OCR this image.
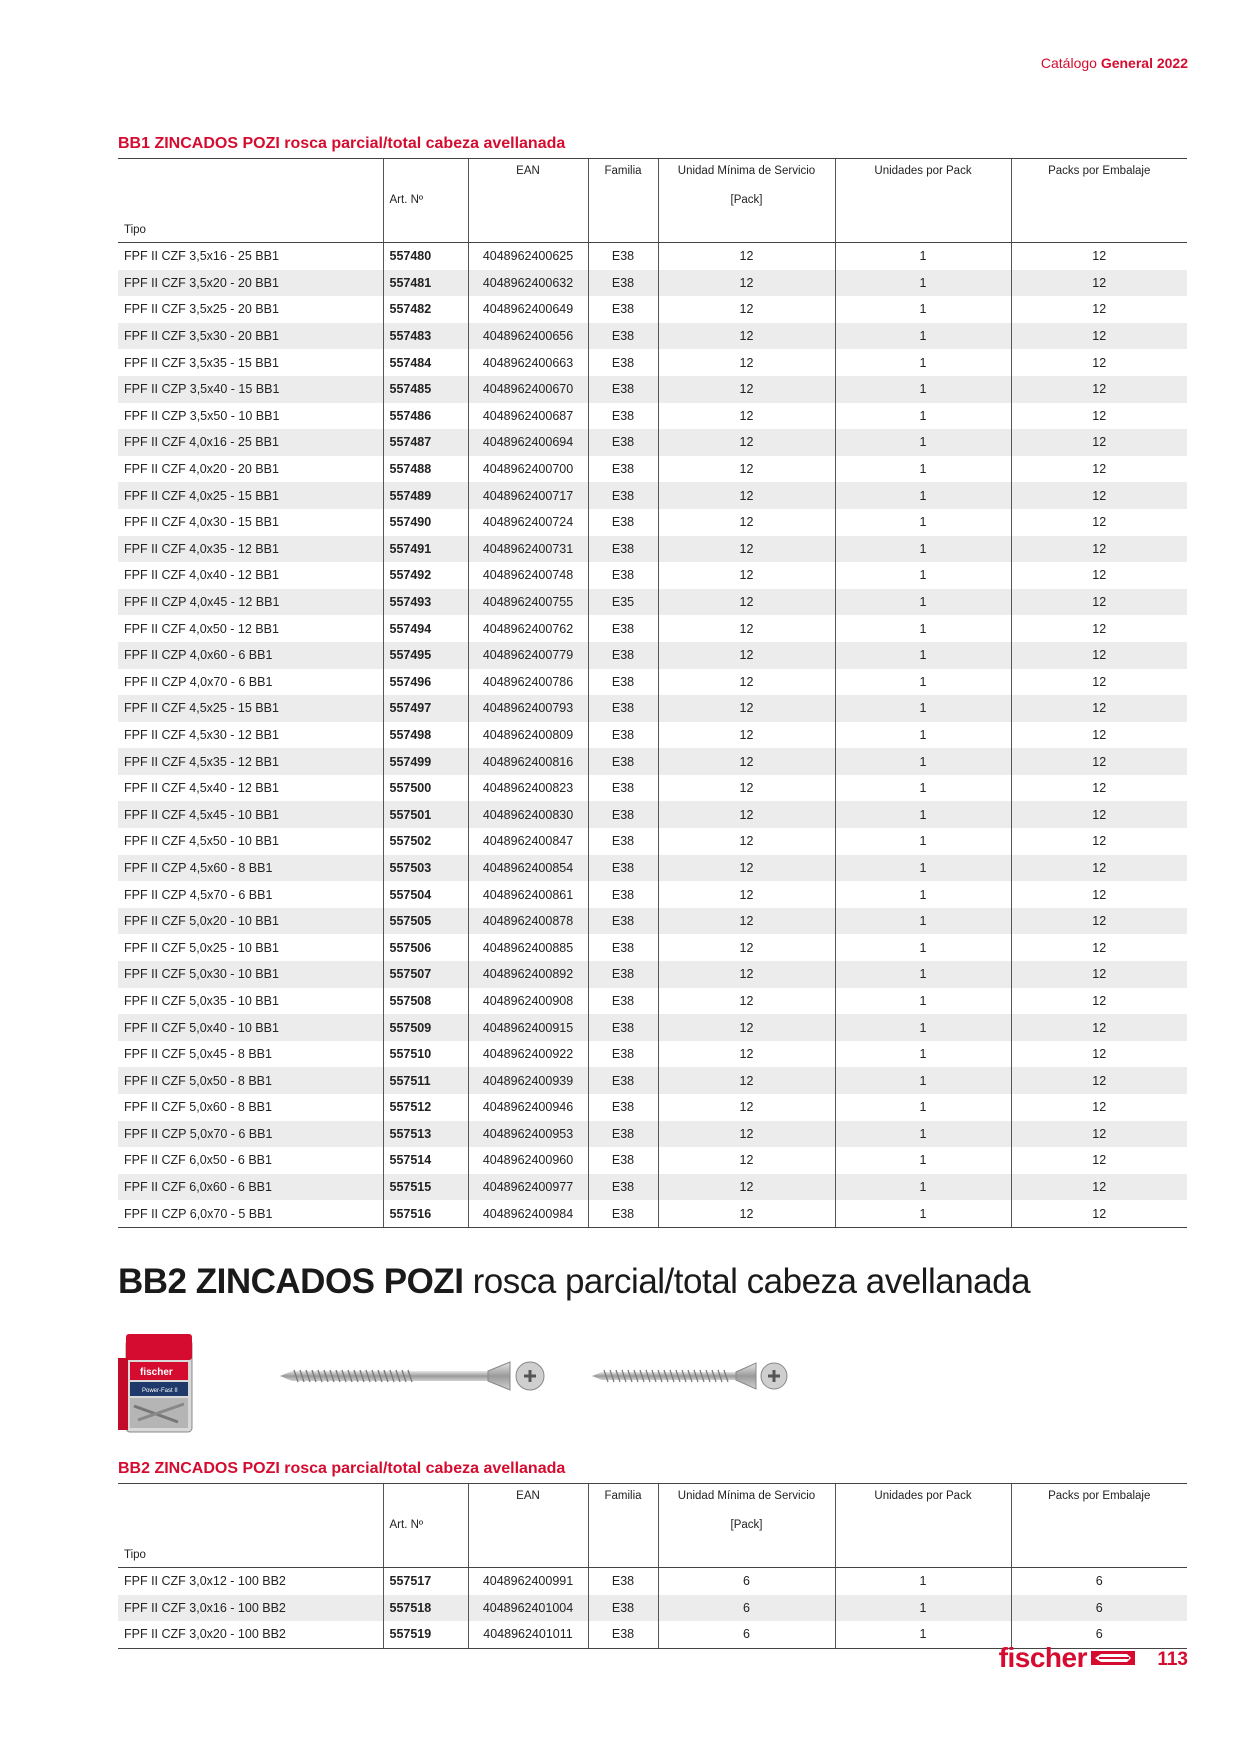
Catálogo General 2022
BB1 ZINCADOS POZI rosca parcial/total cabeza avellanada
		EAN	Familia	Unidad Mínima de Servicio	Unidades por Pack	Packs por Embalaje
	Art. Nº			[Pack]		
Tipo						
FPF II CZF 3,5x16 - 25 BB1	557480	4048962400625	E38	12	1	12
FPF II CZF 3,5x20 - 20 BB1	557481	4048962400632	E38	12	1	12
FPF II CZF 3,5x25 - 20 BB1	557482	4048962400649	E38	12	1	12
FPF II CZF 3,5x30 - 20 BB1	557483	4048962400656	E38	12	1	12
FPF II CZF 3,5x35 - 15 BB1	557484	4048962400663	E38	12	1	12
FPF II CZP 3,5x40 - 15 BB1	557485	4048962400670	E38	12	1	12
FPF II CZP 3,5x50 - 10 BB1	557486	4048962400687	E38	12	1	12
FPF II CZF 4,0x16 - 25 BB1	557487	4048962400694	E38	12	1	12
FPF II CZF 4,0x20 - 20 BB1	557488	4048962400700	E38	12	1	12
FPF II CZF 4,0x25 - 15 BB1	557489	4048962400717	E38	12	1	12
FPF II CZF 4,0x30 - 15 BB1	557490	4048962400724	E38	12	1	12
FPF II CZF 4,0x35 - 12 BB1	557491	4048962400731	E38	12	1	12
FPF II CZF 4,0x40 - 12 BB1	557492	4048962400748	E38	12	1	12
FPF II CZP 4,0x45 - 12 BB1	557493	4048962400755	E35	12	1	12
FPF II CZF 4,0x50 - 12 BB1	557494	4048962400762	E38	12	1	12
FPF II CZP 4,0x60 - 6 BB1	557495	4048962400779	E38	12	1	12
FPF II CZP 4,0x70 - 6 BB1	557496	4048962400786	E38	12	1	12
FPF II CZF 4,5x25 - 15 BB1	557497	4048962400793	E38	12	1	12
FPF II CZF 4,5x30 - 12 BB1	557498	4048962400809	E38	12	1	12
FPF II CZF 4,5x35 - 12 BB1	557499	4048962400816	E38	12	1	12
FPF II CZF 4,5x40 - 12 BB1	557500	4048962400823	E38	12	1	12
FPF II CZF 4,5x45 - 10 BB1	557501	4048962400830	E38	12	1	12
FPF II CZF 4,5x50 - 10 BB1	557502	4048962400847	E38	12	1	12
FPF II CZP 4,5x60 - 8 BB1	557503	4048962400854	E38	12	1	12
FPF II CZP 4,5x70 - 6 BB1	557504	4048962400861	E38	12	1	12
FPF II CZF 5,0x20 - 10 BB1	557505	4048962400878	E38	12	1	12
FPF II CZF 5,0x25 - 10 BB1	557506	4048962400885	E38	12	1	12
FPF II CZF 5,0x30 - 10 BB1	557507	4048962400892	E38	12	1	12
FPF II CZF 5,0x35 - 10 BB1	557508	4048962400908	E38	12	1	12
FPF II CZF 5,0x40 - 10 BB1	557509	4048962400915	E38	12	1	12
FPF II CZF 5,0x45 - 8 BB1	557510	4048962400922	E38	12	1	12
FPF II CZF 5,0x50 - 8 BB1	557511	4048962400939	E38	12	1	12
FPF II CZF 5,0x60 - 8 BB1	557512	4048962400946	E38	12	1	12
FPF II CZP 5,0x70 - 6 BB1	557513	4048962400953	E38	12	1	12
FPF II CZF 6,0x50 - 6 BB1	557514	4048962400960	E38	12	1	12
FPF II CZF 6,0x60 - 6 BB1	557515	4048962400977	E38	12	1	12
FPF II CZP 6,0x70 - 5 BB1	557516	4048962400984	E38	12	1	12
BB2 ZINCADOS POZI rosca parcial/total cabeza avellanada
fischer
Power-Fast II
BB2 ZINCADOS POZI rosca parcial/total cabeza avellanada
		EAN	Familia	Unidad Mínima de Servicio	Unidades por Pack	Packs por Embalaje
	Art. Nº			[Pack]		
Tipo						
FPF II CZF 3,0x12 - 100 BB2	557517	4048962400991	E38	6	1	6
FPF II CZF 3,0x16 - 100 BB2	557518	4048962401004	E38	6	1	6
FPF II CZF 3,0x20 - 100 BB2	557519	4048962401011	E38	6	1	6
fischer	113
